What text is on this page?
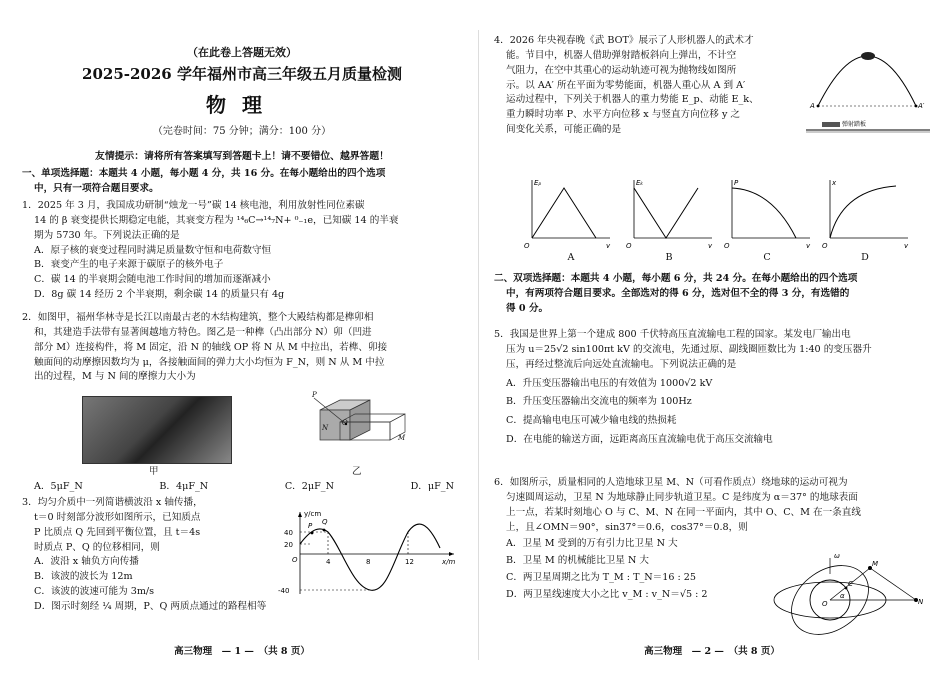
（在此卷上答题无效）
2025-2026 学年福州市高三年级五月质量检测
物理
（完卷时间：75 分钟；满分：100 分）
友情提示：请将所有答案填写到答题卡上！请不要错位、越界答题！
一、单项选择题：本题共 4 小题，每小题 4 分，共 16 分。在每小题给出的四个选项
中，只有一项符合题目要求。
1．2025 年 3 月，我国成功研制“烛龙一号”碳 14 核电池，利用放射性同位素碳
14 的 β 衰变提供长期稳定电能，其衰变方程为 ¹⁴₆C→¹⁴₇N+ ⁰₋₁e，已知碳 14 的半衰
期为 5730 年。下列说法正确的是
A．原子核的衰变过程同时满足质量数守恒和电荷数守恒
B．衰变产生的电子来源于碳原子的核外电子
C．碳 14 的半衰期会随电池工作时间的增加而逐渐减小
D．8g 碳 14 经历 2 个半衰期，剩余碳 14 的质量只有 4g
2．如图甲，福州华林寺是长江以南最古老的木结构建筑，整个大殿结构都是榫卯相
和，其建造手法带有显著闽越地方特色。图乙是一种榫（凸出部分 N）卯（凹进
部分 M）连接构件，将 M 固定，沿 N 的轴线 OP 将 N 从 M 中拉出，若榫、卯接
触面间的动摩擦因数均为 μ，各接触面间的弹力大小均恒为 F_N，则 N 从 M 中拉
出的过程，M 与 N 间的摩擦力大小为
甲
P
N
O
M
乙
A．5μF_N	B．4μF_N	C．2μF_N	D．μF_N
3．均匀介质中一列简谐横波沿 x 轴传播，
t＝0 时刻部分波形如图所示，已知质点
P 比质点 Q 先回到平衡位置，且 t＝4s
时质点 P、Q 的位移相同，则
A．波沿 x 轴负方向传播
B．该波的波长为 12m
C．该波的波速可能为 3m/s
D．图示时刻经 ¼ 周期，P、Q 两质点通过的路程相等
y/cm
x/m
40
20
-40
4	8	12
O
P Q
高三物理　— 1 —　（共 8 页）
4．2026 年央视春晚《武 BOT》展示了人形机器人的武术才
能。节目中，机器人借助弹射踏板斜向上弹出，不计空
气阻力，在空中其重心的运动轨迹可视为抛物线如图所
示。以 AA′ 所在平面为零势能面，机器人重心从 A 到 A′
运动过程中，下列关于机器人的重力势能 E_p、动能 E_k、
重力瞬时功率 P、水平方向位移 x 与竖直方向位移 y 之
间变化关系，可能正确的是
A	A′
弹射踏板
Eₚ
y
O
Eₖ
y
O
P
y
O
x
y
O
A	B	C	D
二、双项选择题：本题共 4 小题，每小题 6 分，共 24 分。在每小题给出的四个选项
中，有两项符合题目要求。全部选对的得 6 分，选对但不全的得 3 分，有选错的
得 0 分。
5．我国是世界上第一个建成 800 千伏特高压直流输电工程的国家。某发电厂输出电
压为 u＝25√2 sin100πt kV 的交流电，先通过原、副线圈匝数比为 1:40 的变压器升
压，再经过整流后向远处直流输电。下列说法正确的是
A．升压变压器输出电压的有效值为 1000√2 kV
B．升压变压器输出交流电的频率为 100Hz
C．提高输电电压可减少输电线的热损耗
D．在电能的输送方面，远距离高压直流输电优于高压交流输电
6．如图所示，质量相同的人造地球卫星 M、N（可看作质点）绕地球的运动可视为
匀速圆周运动，卫星 N 为地球静止同步轨道卫星。C 是纬度为 α＝37° 的地球表面
上一点，若某时刻地心 O 与 C、M、N 在同一平面内，其中 O、C、M 在一条直线
上，且∠OMN＝90°，sin37°＝0.6，cos37°＝0.8，则
A．卫星 M 受到的万有引力比卫星 N 大
B．卫星 M 的机械能比卫星 N 大
C．两卫星周期之比为 T_M : T_N＝16 : 25
D．两卫星线速度大小之比 v_M : v_N＝√5 : 2
ω
M
C
O	N
α
高三物理　— 2 —　（共 8 页）
